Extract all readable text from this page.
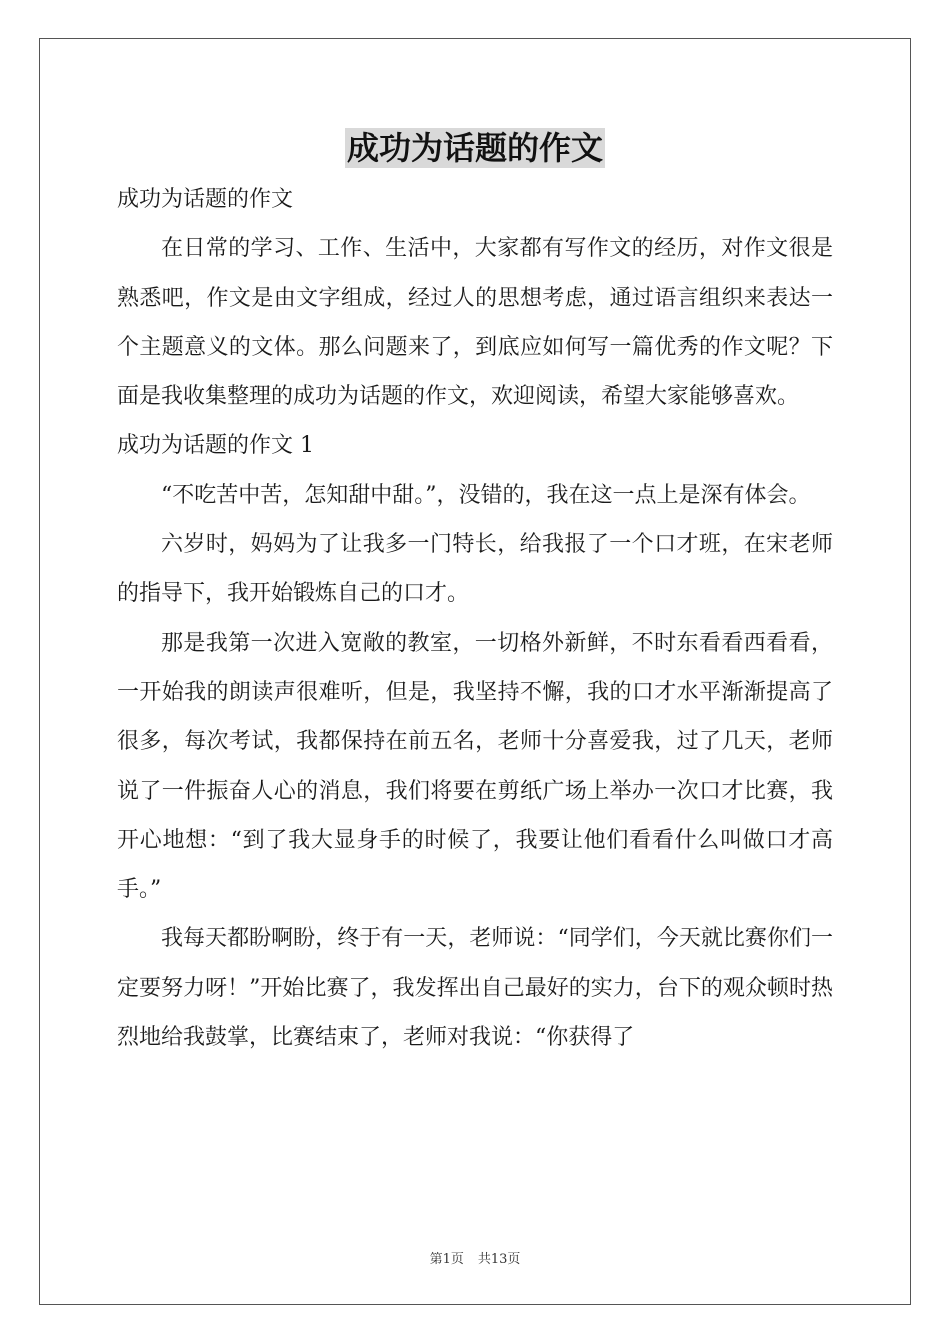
成功为话题的作文

成功为话题的作文

在日常的学习、工作、生活中，大家都有写作文的经历，对作文很是熟悉吧，作文是由文字组成，经过人的思想考虑，通过语言组织来表达一个主题意义的文体。那么问题来了，到底应如何写一篇优秀的作文呢？下面是我收集整理的成功为话题的作文，欢迎阅读，希望大家能够喜欢。

成功为话题的作文 1

“不吃苦中苦，怎知甜中甜。”，没错的，我在这一点上是深有体会。

六岁时，妈妈为了让我多一门特长，给我报了一个口才班，在宋老师的指导下，我开始锻炼自己的口才。

那是我第一次进入宽敞的教室，一切格外新鲜，不时东看看西看看，一开始我的朗读声很难听，但是，我坚持不懈，我的口才水平渐渐提高了很多，每次考试，我都保持在前五名，老师十分喜爱我，过了几天，老师说了一件振奋人心的消息，我们将要在剪纸广场上举办一次口才比赛，我开心地想：“到了我大显身手的时候了，我要让他们看看什么叫做口才高手。”

我每天都盼啊盼，终于有一天，老师说：“同学们，今天就比赛你们一定要努力呀！”开始比赛了，我发挥出自己最好的实力，台下的观众顿时热烈地给我鼓掌，比赛结束了，老师对我说：“你获得了

第1页 共13页
